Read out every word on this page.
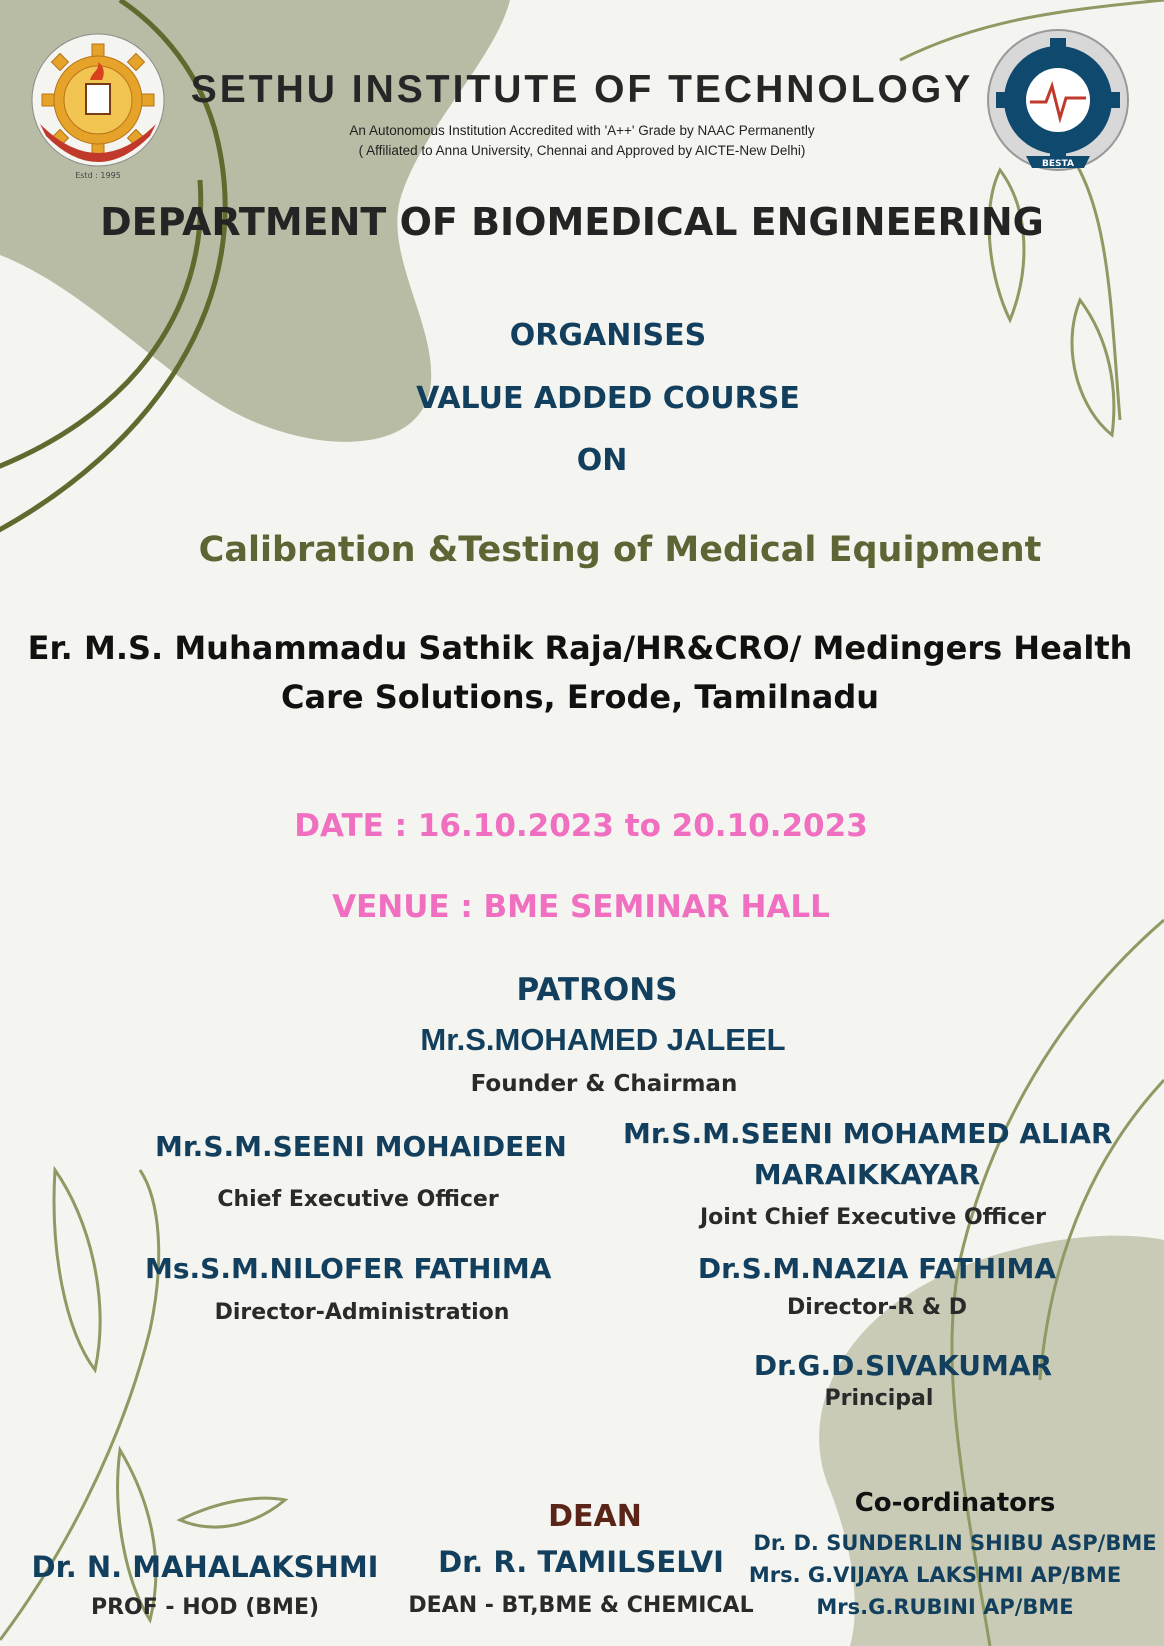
Estd : 1995
BESTA
SETHU INSTITUTE OF TECHNOLOGY
An Autonomous Institution Accredited with 'A++' Grade by NAAC Permanently
( Affiliated to Anna University, Chennai and Approved by AICTE-New Delhi)
DEPARTMENT OF BIOMEDICAL ENGINEERING
ORGANISES
VALUE ADDED COURSE
ON
Calibration &Testing of Medical Equipment
Er. M.S. Muhammadu Sathik Raja/HR&CRO/ Medingers Health
Care Solutions, Erode, Tamilnadu
DATE : 16.10.2023 to 20.10.2023
VENUE : BME SEMINAR HALL
PATRONS
Mr.S.MOHAMED JALEEL
Founder & Chairman
Mr.S.M.SEENI MOHAIDEEN
Chief Executive Officer
Mr.S.M.SEENI MOHAMED ALIAR
MARAIKKAYAR
Joint Chief Executive Officer
Ms.S.M.NILOFER FATHIMA
Director-Administration
Dr.S.M.NAZIA FATHIMA
Director-R & D
Dr.G.D.SIVAKUMAR
Principal
Co-ordinators
Dr. D. SUNDERLIN SHIBU ASP/BME
Mrs. G.VIJAYA LAKSHMI AP/BME
Mrs.G.RUBINI AP/BME
DEAN
Dr. R. TAMILSELVI
DEAN - BT,BME & CHEMICAL
Dr. N. MAHALAKSHMI
PROF - HOD (BME)
